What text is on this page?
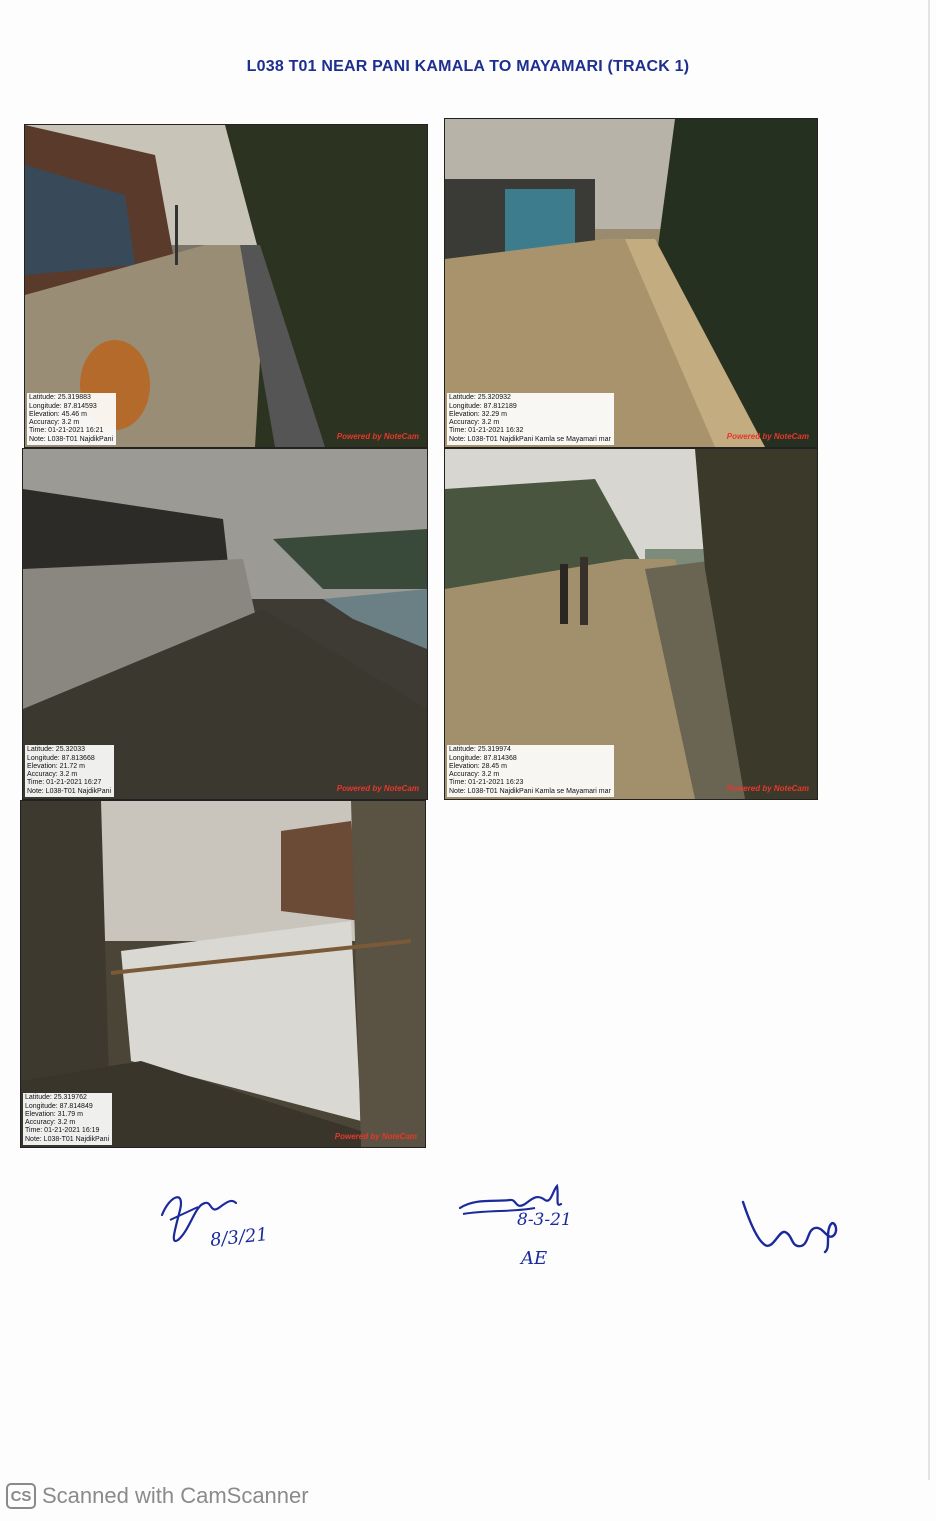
L038 T01 NEAR PANI KAMALA TO MAYAMARI (TRACK 1)
Latitude: 25.319883
Longitude: 87.814593
Elevation: 45.46 m
Accuracy: 3.2 m
Time: 01-21-2021 16:21
Note: L038-T01 NajdikPani	Powered by NoteCam
Latitude: 25.320932
Longitude: 87.812189
Elevation: 32.29 m
Accuracy: 3.2 m
Time: 01-21-2021 16:32
Note: L038-T01 NajdikPani Kamla se Mayamari mar	Powered by NoteCam
Latitude: 25.32033
Longitude: 87.813668
Elevation: 21.72 m
Accuracy: 3.2 m
Time: 01-21-2021 16:27
Note: L038-T01 NajdikPani	Powered by NoteCam
Latitude: 25.319974
Longitude: 87.814368
Elevation: 28.45 m
Accuracy: 3.2 m
Time: 01-21-2021 16:23
Note: L038-T01 NajdikPani Kamla se Mayamari mar	Powered by NoteCam
Latitude: 25.319762
Longitude: 87.814849
Elevation: 31.79 m
Accuracy: 3.2 m
Time: 01-21-2021 16:19
Note: L038-T01 NajdikPani	Powered by NoteCam
8/3/21
8-3-21
AE
CS Scanned with CamScanner
